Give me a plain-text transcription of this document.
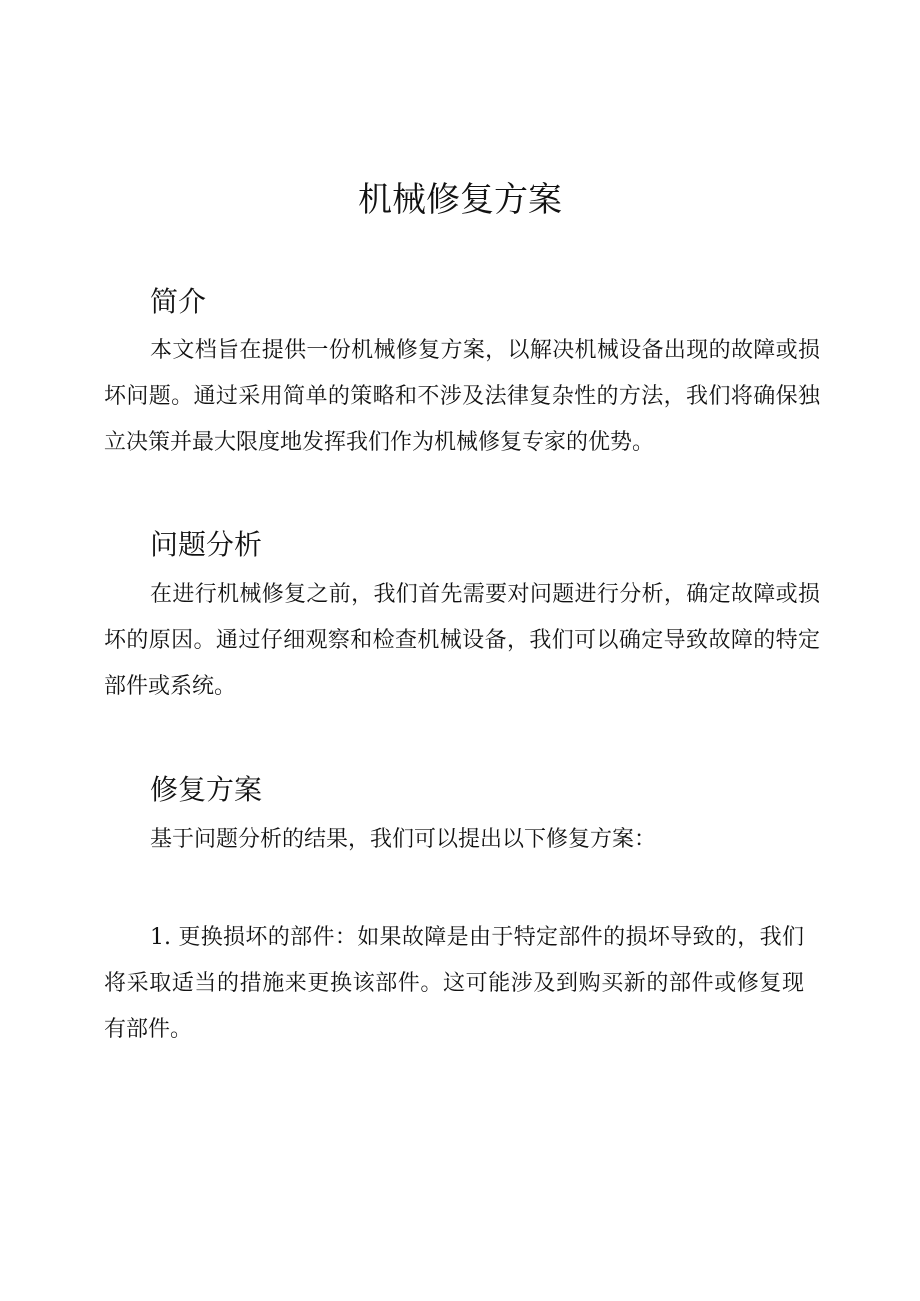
机械修复方案
简介

本文档旨在提供一份机械修复方案，以解决机械设备出现的故障或损坏问题。通过采用简单的策略和不涉及法律复杂性的方法，我们将确保独立决策并最大限度地发挥我们作为机械修复专家的优势。

问题分析

在进行机械修复之前，我们首先需要对问题进行分析，确定故障或损坏的原因。通过仔细观察和检查机械设备，我们可以确定导致故障的特定部件或系统。

修复方案

基于问题分析的结果，我们可以提出以下修复方案：

1. 更换损坏的部件：如果故障是由于特定部件的损坏导致的，我们将采取适当的措施来更换该部件。这可能涉及到购买新的部件或修复现有部件。
